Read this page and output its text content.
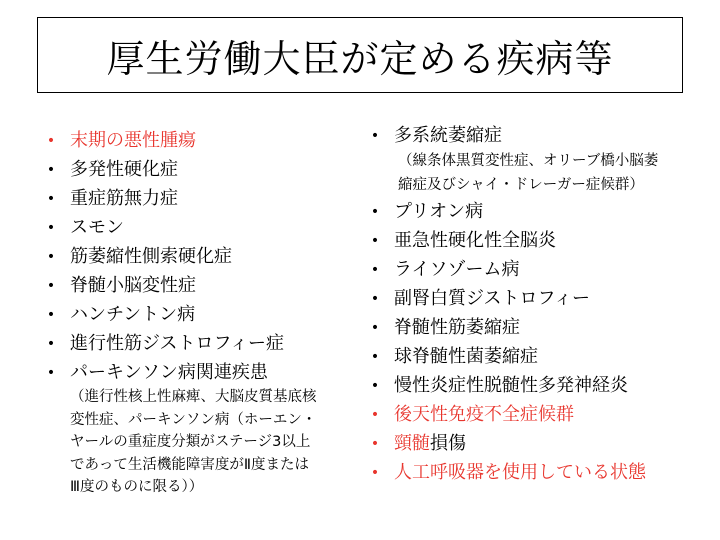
厚生労働大臣が定める疾病等
• 末期の悪性腫瘍
• 多発性硬化症
• 重症筋無力症
• スモン
• 筋萎縮性側索硬化症
• 脊髄小脳変性症
• ハンチントン病
• 進行性筋ジストロフィー症
• パーキンソン病関連疾患
（進行性核上性麻痺、大脳皮質基底核
変性症、パーキンソン病（ホーエン・
ヤールの重症度分類がステージ3以上
であって生活機能障害度がⅡ度または
Ⅲ度のものに限る））
• 多系統萎縮症
（線条体黒質変性症、オリーブ橋小脳萎
縮症及びシャイ・ドレーガー症候群）
• プリオン病
• 亜急性硬化性全脳炎
• ライソゾーム病
• 副腎白質ジストロフィー
• 脊髄性筋萎縮症
• 球脊髄性菌萎縮症
• 慢性炎症性脱髄性多発神経炎
• 後天性免疫不全症候群
• 頸髄損傷
• 人工呼吸器を使用している状態
